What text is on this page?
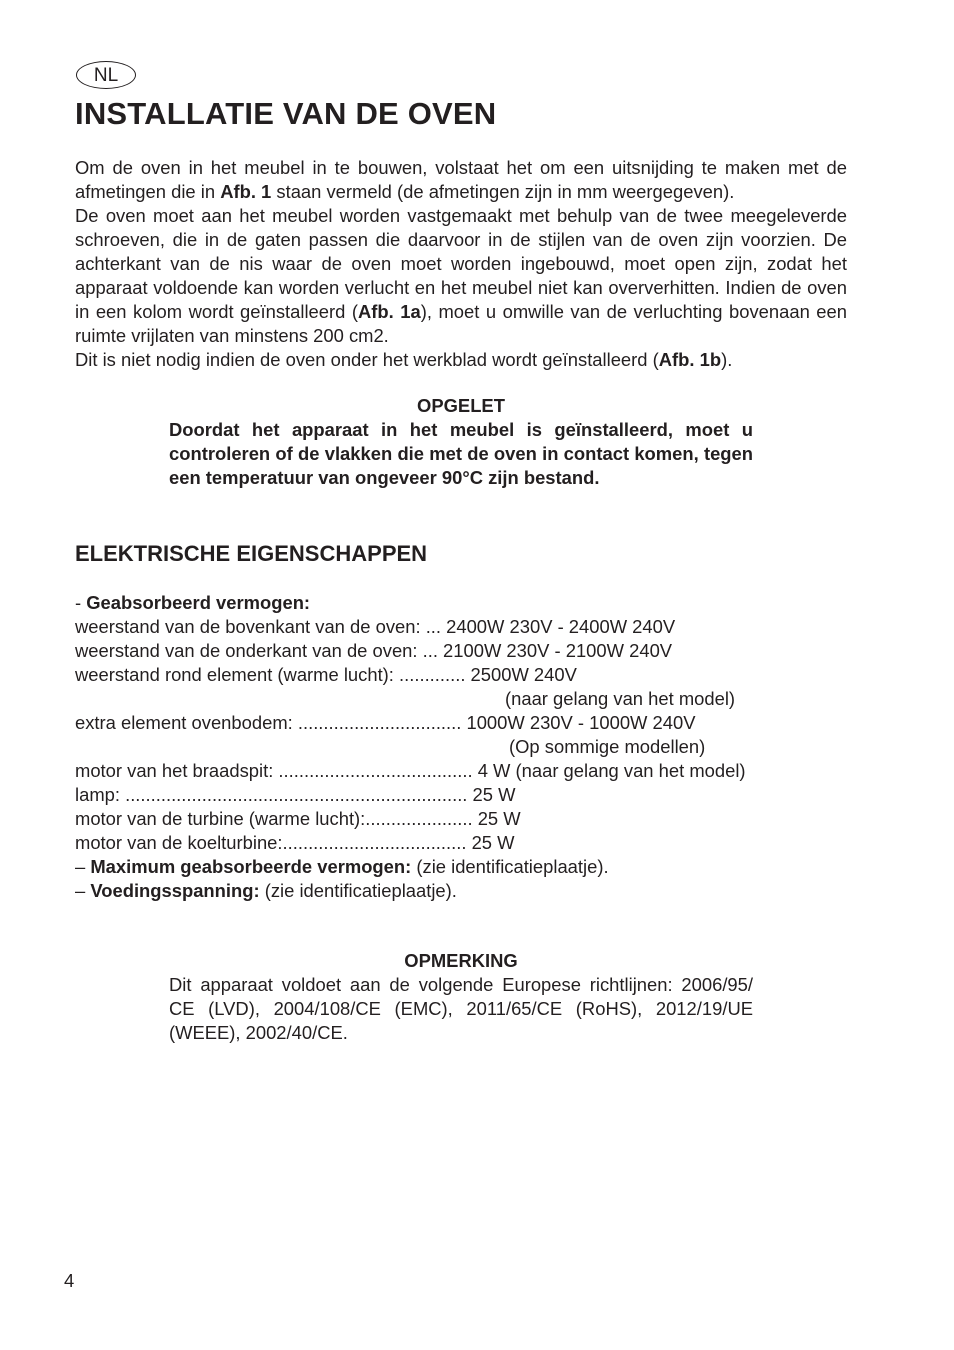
NL
INSTALLATIE VAN DE OVEN

Om de oven in het meubel in te bouwen, volstaat het om een uitsnijding te maken met de afmetingen die in Afb. 1 staan vermeld (de afmetingen zijn in mm weergegeven).

De oven moet aan het meubel worden vastgemaakt met behulp van de twee meegeleverde schroeven, die in de gaten passen die daarvoor in de stijlen van de oven zijn voorzien. De achterkant van de nis waar de oven moet worden ingebouwd, moet open zijn, zodat het apparaat voldoende kan worden verlucht en het meubel niet kan oververhitten. Indien de oven in een kolom wordt geïnstalleerd (Afb. 1a), moet u omwille van de verluchting bovenaan een ruimte vrijlaten van minstens 200 cm2.

Dit is niet nodig indien de oven onder het werkblad wordt geïnstalleerd (Afb. 1b).

OPGELET

Doordat het apparaat in het meubel is geïnstalleerd, moet u controleren of de vlakken die met de oven in contact komen, tegen een temperatuur van ongeveer 90°C zijn bestand.

ELEKTRISCHE EIGENSCHAPPEN
- Geabsorbeerd vermogen:
weerstand van de bovenkant van de oven: ... 2400W 230V - 2400W 240V
weerstand van de onderkant van de oven: ... 2100W 230V - 2100W 240V
weerstand rond element (warme lucht): ............. 2500W 240V
(naar gelang van het model)
extra element ovenbodem: ................................ 1000W 230V - 1000W 240V
(Op sommige modellen)
motor van het braadspit: ...................................... 4 W (naar gelang van het model)
lamp: ................................................................... 25 W
motor van de turbine (warme lucht):..................... 25 W
motor van de koelturbine:.................................... 25 W
– Maximum geabsorbeerde vermogen: (zie identificatieplaatje).
– Voedingsspanning: (zie identificatieplaatje).

OPMERKING

Dit apparaat voldoet aan de volgende Europese richtlijnen: 2006/95/ CE (LVD), 2004/108/CE (EMC), 2011/65/CE (RoHS), 2012/19/UE (WEEE), 2002/40/CE.

4
